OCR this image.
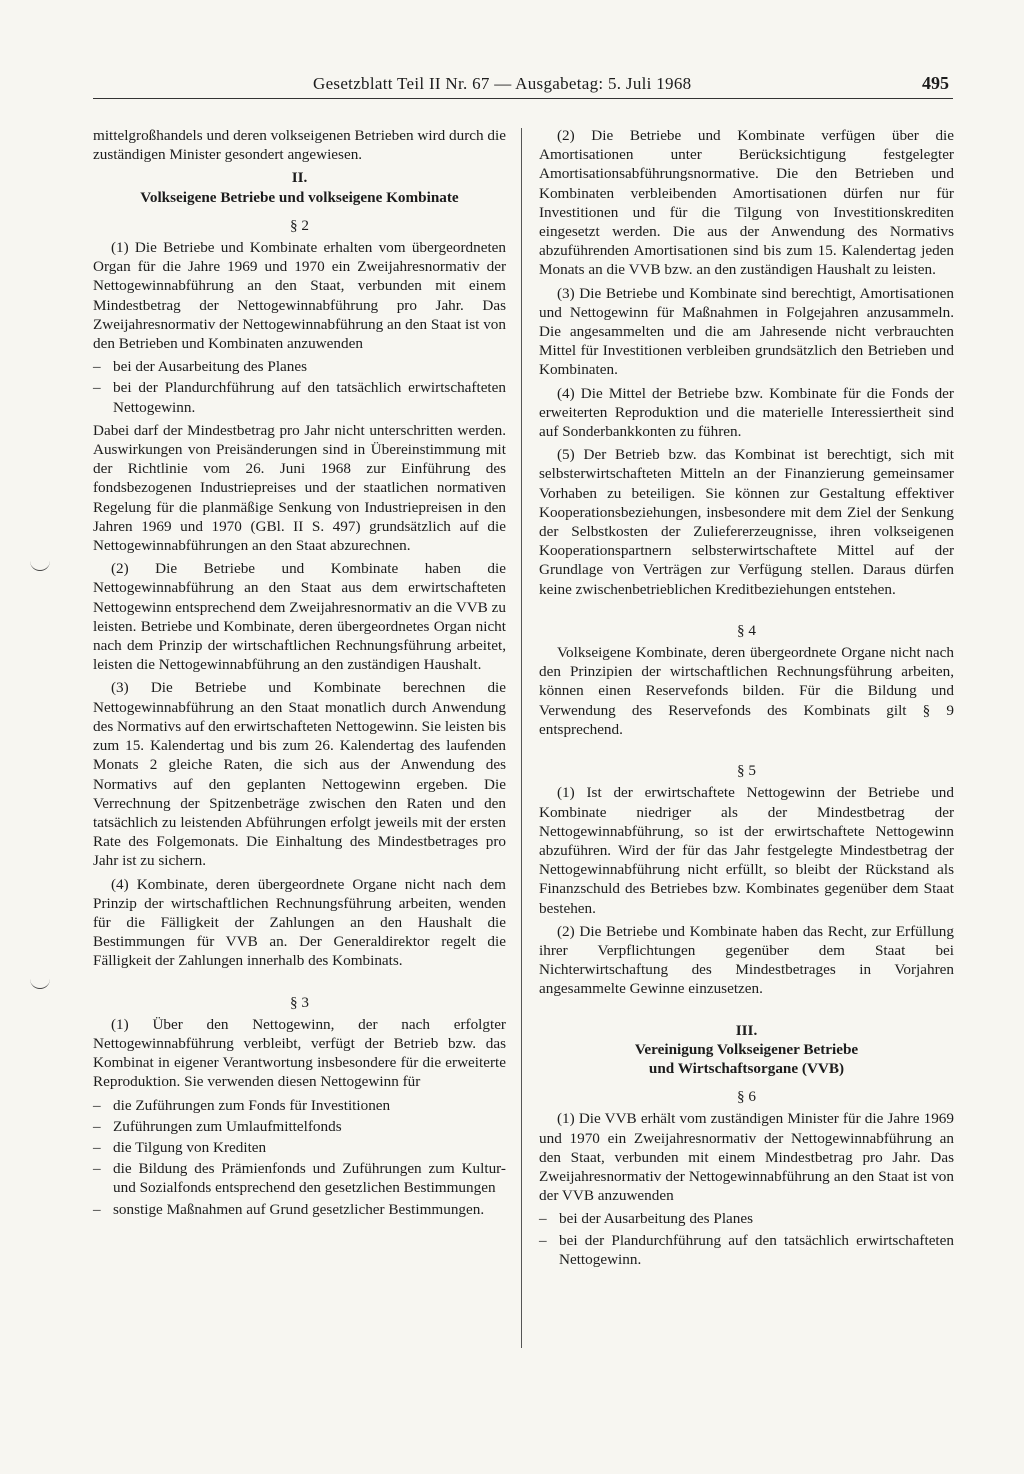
Gesetzblatt Teil II Nr. 67 — Ausgabetag: 5. Juli 1968	495

mittelgroßhandels und deren volkseigenen Betrieben wird durch die zuständigen Minister gesondert angewiesen.

II.
Volkseigene Betriebe und volkseigene Kombinate
§ 2

(1) Die Betriebe und Kombinate erhalten vom übergeordneten Organ für die Jahre 1969 und 1970 ein Zweijahresnormativ der Nettogewinnabführung an den Staat, verbunden mit einem Mindestbetrag der Nettogewinnabführung pro Jahr. Das Zweijahresnormativ der Nettogewinnabführung an den Staat ist von den Betrieben und Kombinaten anzuwenden

– bei der Ausarbeitung des Planes
– bei der Plandurchführung auf den tatsächlich erwirtschafteten Nettogewinn.

Dabei darf der Mindestbetrag pro Jahr nicht unterschritten werden. Auswirkungen von Preisänderungen sind in Übereinstimmung mit der Richtlinie vom 26. Juni 1968 zur Einführung des fondsbezogenen Industriepreises und der staatlichen normativen Regelung für die planmäßige Senkung von Industriepreisen in den Jahren 1969 und 1970 (GBl. II S. 497) grundsätzlich auf die Nettogewinnabführungen an den Staat abzurechnen.

(2) Die Betriebe und Kombinate haben die Nettogewinnabführung an den Staat aus dem erwirtschafteten Nettogewinn entsprechend dem Zweijahresnormativ an die VVB zu leisten. Betriebe und Kombinate, deren übergeordnetes Organ nicht nach dem Prinzip der wirtschaftlichen Rechnungsführung arbeitet, leisten die Nettogewinnabführung an den zuständigen Haushalt.

(3) Die Betriebe und Kombinate berechnen die Nettogewinnabführung an den Staat monatlich durch Anwendung des Normativs auf den erwirtschafteten Nettogewinn. Sie leisten bis zum 15. Kalendertag und bis zum 26. Kalendertag des laufenden Monats 2 gleiche Raten, die sich aus der Anwendung des Normativs auf den geplanten Nettogewinn ergeben. Die Verrechnung der Spitzenbeträge zwischen den Raten und den tatsächlich zu leistenden Abführungen erfolgt jeweils mit der ersten Rate des Folgemonats. Die Einhaltung des Mindestbetrages pro Jahr ist zu sichern.

(4) Kombinate, deren übergeordnete Organe nicht nach dem Prinzip der wirtschaftlichen Rechnungsführung arbeiten, wenden für die Fälligkeit der Zahlungen an den Haushalt die Bestimmungen für VVB an. Der Generaldirektor regelt die Fälligkeit der Zahlungen innerhalb des Kombinats.

§ 3

(1) Über den Nettogewinn, der nach erfolgter Nettogewinnabführung verbleibt, verfügt der Betrieb bzw. das Kombinat in eigener Verantwortung insbesondere für die erweiterte Reproduktion. Sie verwenden diesen Nettogewinn für

– die Zuführungen zum Fonds für Investitionen
– Zuführungen zum Umlaufmittelfonds
– die Tilgung von Krediten
– die Bildung des Prämienfonds und Zuführungen zum Kultur- und Sozialfonds entsprechend den gesetzlichen Bestimmungen
– sonstige Maßnahmen auf Grund gesetzlicher Bestimmungen.

(2) Die Betriebe und Kombinate verfügen über die Amortisationen unter Berücksichtigung festgelegter Amortisationsabführungsnormative. Die den Betrieben und Kombinaten verbleibenden Amortisationen dürfen nur für Investitionen und für die Tilgung von Investitionskrediten eingesetzt werden. Die aus der Anwendung des Normativs abzuführenden Amortisationen sind bis zum 15. Kalendertag jeden Monats an die VVB bzw. an den zuständigen Haushalt zu leisten.

(3) Die Betriebe und Kombinate sind berechtigt, Amortisationen und Nettogewinn für Maßnahmen in Folgejahren anzusammeln. Die angesammelten und die am Jahresende nicht verbrauchten Mittel für Investitionen verbleiben grundsätzlich den Betrieben und Kombinaten.

(4) Die Mittel der Betriebe bzw. Kombinate für die Fonds der erweiterten Reproduktion und die materielle Interessiertheit sind auf Sonderbankkonten zu führen.

(5) Der Betrieb bzw. das Kombinat ist berechtigt, sich mit selbsterwirtschafteten Mitteln an der Finanzierung gemeinsamer Vorhaben zu beteiligen. Sie können zur Gestaltung effektiver Kooperationsbeziehungen, insbesondere mit dem Ziel der Senkung der Selbstkosten der Zuliefererzeugnisse, ihren volkseigenen Kooperationspartnern selbsterwirtschaftete Mittel auf der Grundlage von Verträgen zur Verfügung stellen. Daraus dürfen keine zwischenbetrieblichen Kreditbeziehungen entstehen.

§ 4

Volkseigene Kombinate, deren übergeordnete Organe nicht nach den Prinzipien der wirtschaftlichen Rechnungsführung arbeiten, können einen Reservefonds bilden. Für die Bildung und Verwendung des Reservefonds des Kombinats gilt § 9 entsprechend.

§ 5

(1) Ist der erwirtschaftete Nettogewinn der Betriebe und Kombinate niedriger als der Mindestbetrag der Nettogewinnabführung, so ist der erwirtschaftete Nettogewinn abzuführen. Wird der für das Jahr festgelegte Mindestbetrag der Nettogewinnabführung nicht erfüllt, so bleibt der Rückstand als Finanzschuld des Betriebes bzw. Kombinates gegenüber dem Staat bestehen.

(2) Die Betriebe und Kombinate haben das Recht, zur Erfüllung ihrer Verpflichtungen gegenüber dem Staat bei Nichterwirtschaftung des Mindestbetrages in Vorjahren angesammelte Gewinne einzusetzen.

III.
Vereinigung Volkseigener Betriebe
und Wirtschaftsorgane (VVB)
§ 6

(1) Die VVB erhält vom zuständigen Minister für die Jahre 1969 und 1970 ein Zweijahresnormativ der Nettogewinnabführung an den Staat, verbunden mit einem Mindestbetrag pro Jahr. Das Zweijahresnormativ der Nettogewinnabführung an den Staat ist von der VVB anzuwenden

– bei der Ausarbeitung des Planes
– bei der Plandurchführung auf den tatsächlich erwirtschafteten Nettogewinn.
